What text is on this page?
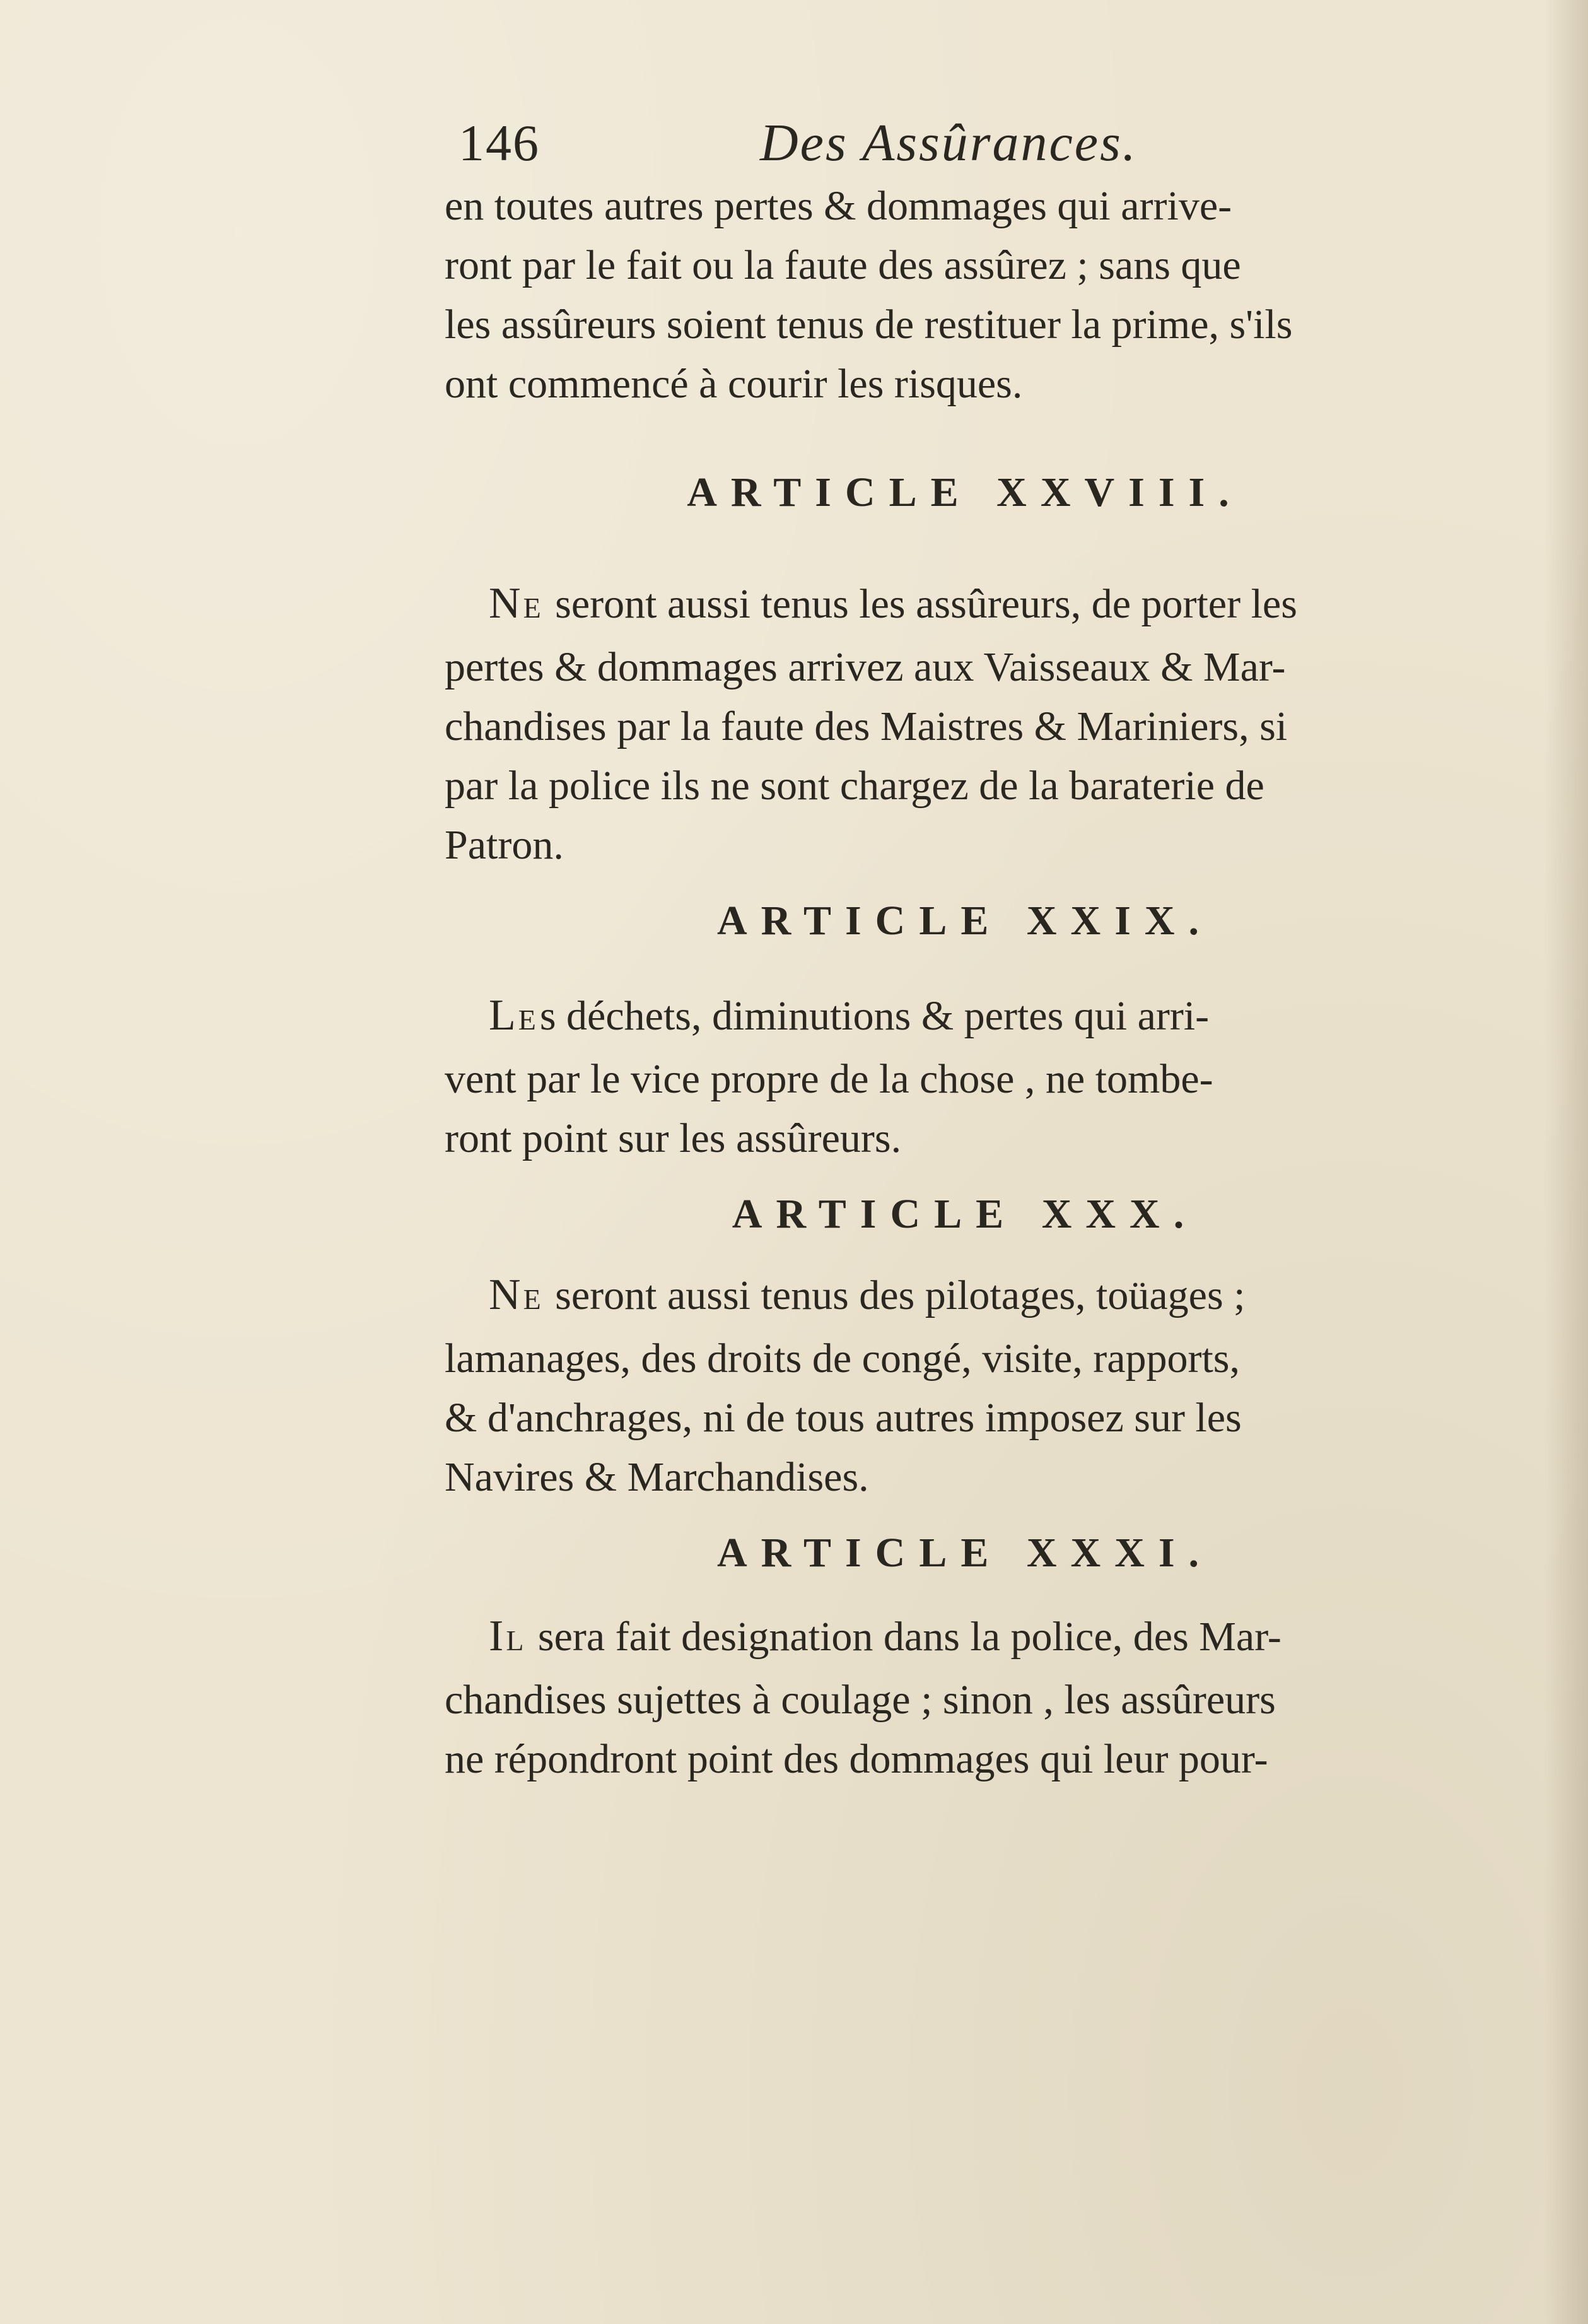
146	Des Assûrances.

en toutes autres pertes & dommages qui arrive-
ront par le fait ou la faute des assûrez ; sans que
les assûreurs soient tenus de restituer la prime, s'ils
ont commencé à courir les risques.

ARTICLE XXVIII.

NE seront aussi tenus les assûreurs, de porter les
pertes & dommages arrivez aux Vaisseaux & Mar-
chandises par la faute des Maistres & Mariniers, si
par la police ils ne sont chargez de la baraterie de
Patron.

ARTICLE XXIX.

LEs déchets, diminutions & pertes qui arri-
vent par le vice propre de la chose , ne tombe-
ront point sur les assûreurs.

ARTICLE XXX.

NE seront aussi tenus des pilotages, toüages ;
lamanages, des droits de congé, visite, rapports,
& d'anchrages, ni de tous autres imposez sur les
Navires & Marchandises.

ARTICLE XXXI.

IL sera fait designation dans la police, des Mar-
chandises sujettes à coulage ; sinon , les assûreurs
ne répondront point des dommages qui leur pour-
